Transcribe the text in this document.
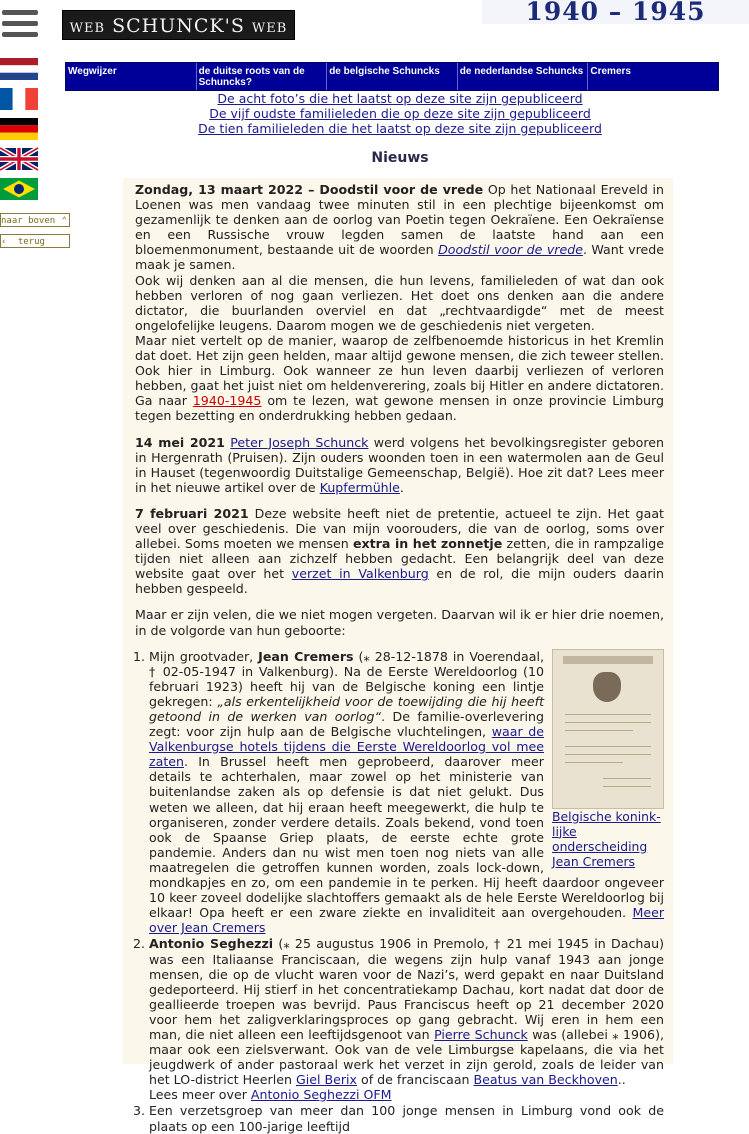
WEB SCHUNCK'S WEB
1940 – 1945
naar boven ⌃
‹ terug
Wegwijzer	de duitse roots van de Schuncks?
de belgische Schuncks	de nederlandse Schuncks Cremers
De acht foto’s die het laatst op deze site zijn gepubliceerd
De vijf oudste familieleden die op deze site zijn gepubliceerd
De tien familieleden die het laatst op deze site zijn gepubliceerd
Nieuws

Zondag, 13 maart 2022 – Doodstil voor de vrede Op het Nationaal Ereveld in Loenen was men vandaag twee minuten stil in een plechtige bijeenkomst om gezamenlijk te denken aan de oorlog van Poetin tegen Oekraïene. Een Oekraïense en een Russische vrouw legden samen de laatste hand aan een bloemenmonument, bestaande uit de woorden Doodstil voor de vrede. Want vrede maak je samen.
Ook wij denken aan al die mensen, die hun levens, familieleden of wat dan ook hebben verloren of nog gaan verliezen. Het doet ons denken aan die andere dictator, die buurlanden overviel en dat „rechtvaardigde“ met de meest ongelofelijke leugens. Daarom mogen we de geschiedenis niet vergeten.
Maar niet vertelt op de manier, waarop de zelfbenoemde historicus in het Kremlin dat doet. Het zijn geen helden, maar altijd gewone mensen, die zich teweer stellen. Ook hier in Limburg. Ook wanneer ze hun leven daarbij verliezen of verloren hebben, gaat het juist niet om heldenverering, zoals bij Hitler en andere dictatoren. Ga naar 1940-1945 om te lezen, wat gewone mensen in onze provincie Limburg tegen bezetting en onderdrukking hebben gedaan.

14 mei 2021 Peter Joseph Schunck werd volgens het bevolkingsregister geboren in Hergenrath (Pruisen). Zijn ouders woonden toen in een watermolen aan de Geul in Hauset (tegenwoordig Duitstalige Gemeenschap, België). Hoe zit dat? Lees meer in het nieuwe artikel over de Kupfermühle.

7 februari 2021 Deze website heeft niet de pretentie, actueel te zijn. Het gaat veel over geschiedenis. Die van mijn voorouders, die van de oorlog, soms over allebei. Soms moeten we mensen extra in het zonnetje zetten, die in rampzalige tijden niet alleen aan zichzelf hebben gedacht. Een belangrijk deel van deze website gaat over het verzet in Valkenburg en de rol, die mijn ouders daarin hebben gespeeld.

Maar er zijn velen, die we niet mogen vergeten. Daarvan wil ik er hier drie noemen, in de volgorde van hun geboorte:

1. Belgische konink-lijke onderscheiding Jean Cremers
Mijn grootvader, Jean Cremers (⁎ 28-12-1878 in Voerendaal, † 02-05-1947 in Valkenburg). Na de Eerste Wereldoorlog (10 februari 1923) heeft hij van de Belgische koning een lintje gekregen: „als erkentelijkheid voor de toewijding die hij heeft getoond in de werken van oorlog“. De familie-overlevering zegt: voor zijn hulp aan de Belgische vluchtelingen, waar de Valkenburgse hotels tijdens die Eerste Wereldoorlog vol mee zaten. In Brussel heeft men geprobeerd, daarover meer details te achterhalen, maar zowel op het ministerie van buitenlandse zaken als op defensie is dat niet gelukt. Dus weten we alleen, dat hij eraan heeft meegewerkt, die hulp te organiseren, zonder verdere details. Zoals bekend, vond toen ook de Spaanse Griep plaats, de eerste echte grote pandemie. Anders dan nu wist men toen nog niets van alle maatregelen die getroffen kunnen worden, zoals lock-down, mondkapjes en zo, om een pandemie in te perken. Hij heeft daardoor ongeveer 10 keer zoveel dodelijke slachtoffers gemaakt als de hele Eerste Wereldoorlog bij elkaar! Opa heeft er een zware ziekte en invaliditeit aan overgehouden. Meer over Jean Cremers
2. Antonio Seghezzi (⁎ 25 augustus 1906 in Premolo, † 21 mei 1945 in Dachau) was een Italiaanse Franciscaan, die wegens zijn hulp vanaf 1943 aan jonge mensen, die op de vlucht waren voor de Nazi’s, werd gepakt en naar Duitsland gedeporteerd. Hij stierf in het concentratiekamp Dachau, kort nadat dat door de geallieerde troepen was bevrijd. Paus Franciscus heeft op 21 december 2020 voor hem het zaligverklaringsproces op gang gebracht. Wij eren in hem een man, die niet alleen een leeftijdsgenoot van Pierre Schunck was (allebei ⁎ 1906), maar ook een zielsverwant. Ook van de vele Limburgse kapelaans, die via het jeugdwerk of ander pastoraal werk het verzet in zijn gerold, zoals de leider van het LO-district Heerlen Giel Berix of de franciscaan Beatus van Beckhoven..
Lees meer over Antonio Seghezzi OFM
3. Een verzetsgroep van meer dan 100 jonge mensen in Limburg vond ook de plaats op een 100-jarige leeftijd
